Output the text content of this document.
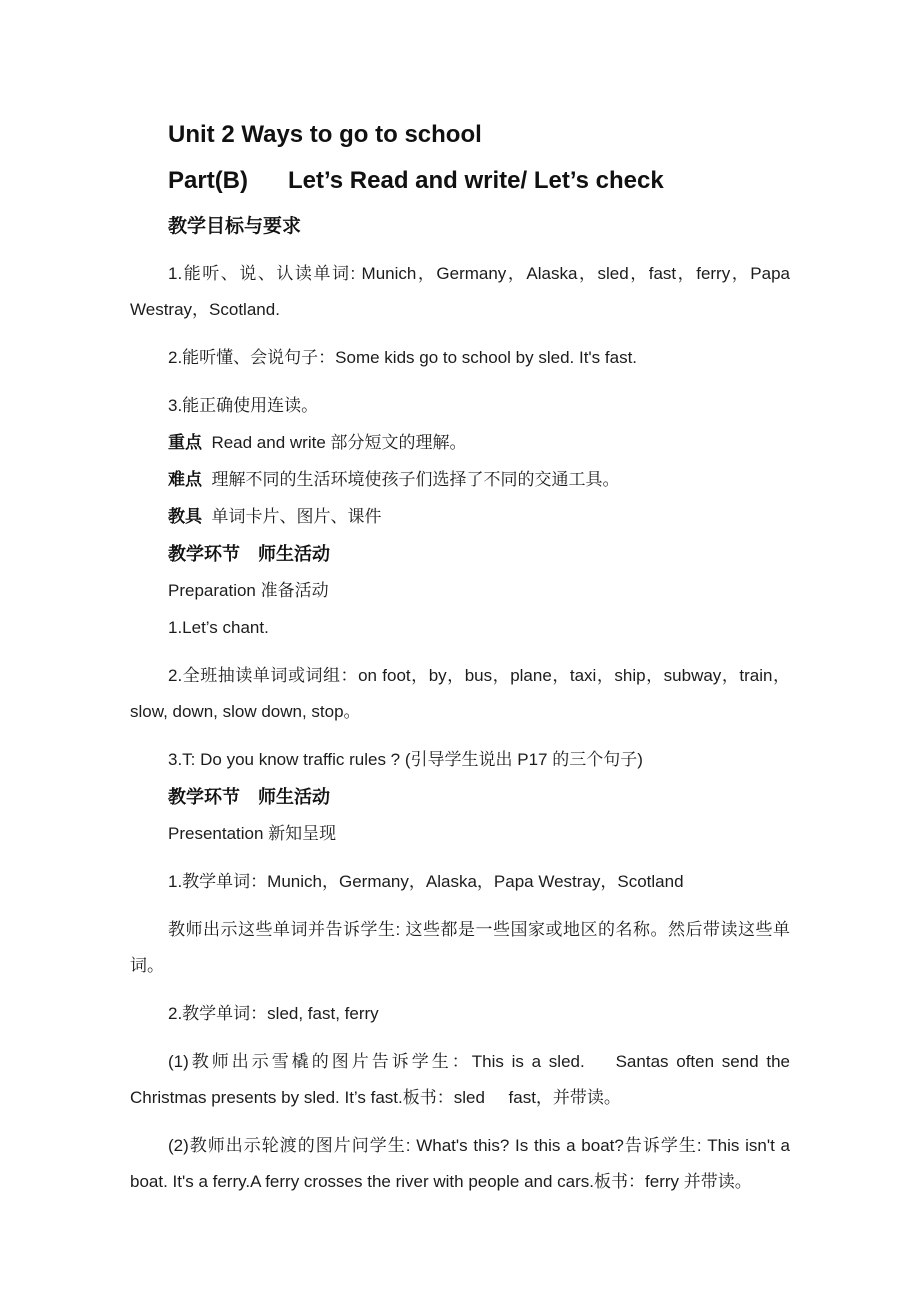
Unit 2 Ways to go to school
Part(B)      Let’s Read and write/ Let’s check

教学目标与要求

1.能听、说、认读单词: Munich，Germany，Alaska，sled，fast，ferry，Papa Westray，Scotland.

2.能听懂、会说句子：Some kids go to school by sled. It's fast.

3.能正确使用连读。

重点  Read and write 部分短文的理解。

难点  理解不同的生活环境使孩子们选择了不同的交通工具。

教具  单词卡片、图片、课件

教学环节　师生活动

Preparation 准备活动

1.Let’s chant.

2.全班抽读单词或词组：on foot，by，bus，plane，taxi，ship，subway，train，slow, down, slow down, stop。

3.T: Do you know traffic rules ? (引导学生说出 P17 的三个句子)

教学环节　师生活动

Presentation 新知呈现

1.教学单词：Munich，Germany，Alaska，Papa Westray，Scotland

教师出示这些单词并告诉学生: 这些都是一些国家或地区的名称。然后带读这些单词。

2.教学单词：sled, fast, ferry

(1)教师出示雪橇的图片告诉学生：This is a sled.    Santas often send the Christmas presents by sled. It’s fast.板书：sled     fast，并带读。

(2)教师出示轮渡的图片问学生: What's this? Is this a boat?告诉学生: This isn't a boat. It's a ferry.A ferry crosses the river with people and cars.板书：ferry 并带读。
